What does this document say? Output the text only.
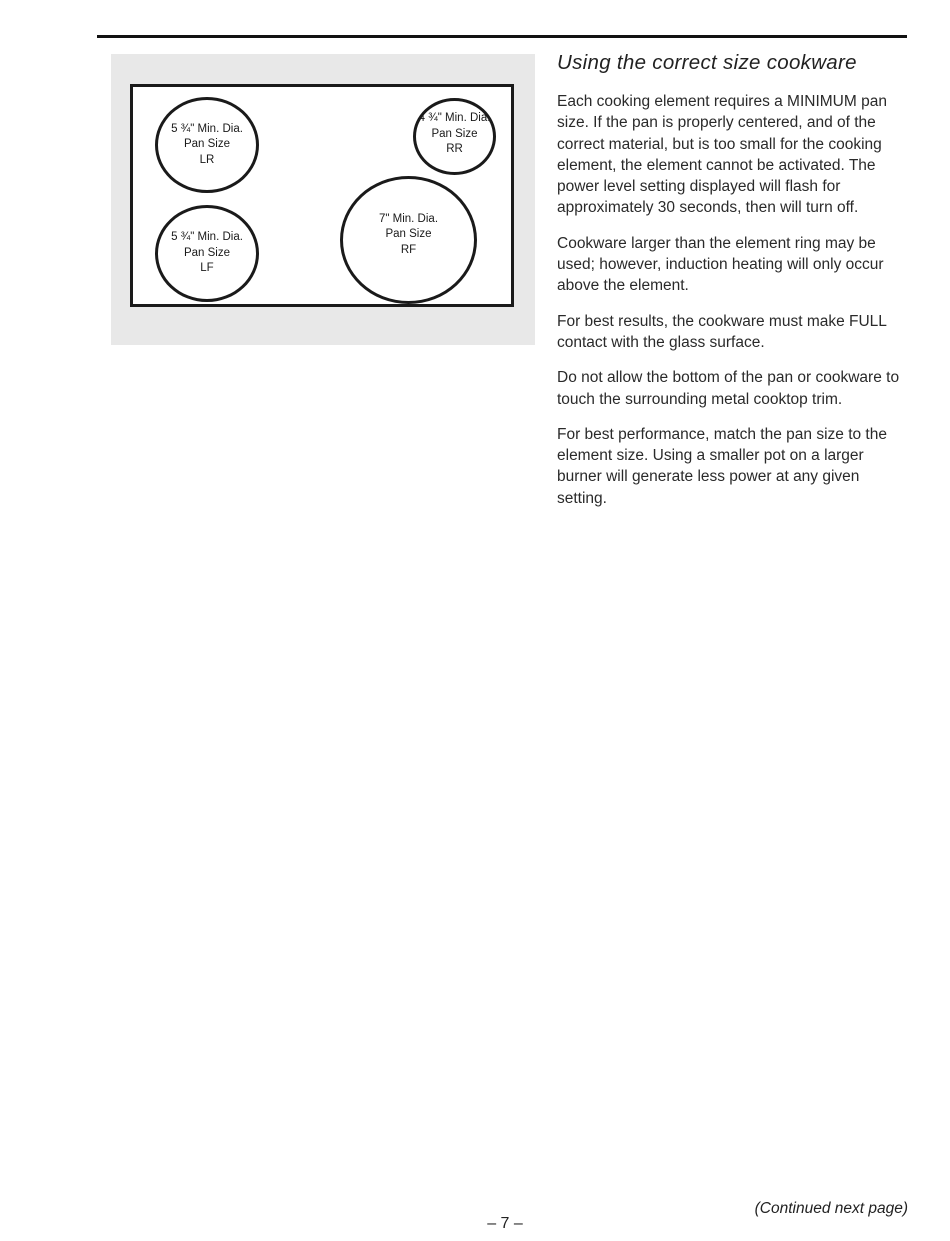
5 ¾" Min. Dia.
Pan Size
LR
4 ¾" Min. Dia.
Pan Size
RR
5 ¾" Min. Dia.
Pan Size
LF
7" Min. Dia.
Pan Size
RF
Using the correct size cookware

Each cooking element requires a MINIMUM pan size. If the pan is properly centered, and of the correct material, but is too small for the cooking element, the element cannot be activated. The power level setting displayed will flash for approximately 30 seconds, then will turn off.

Cookware larger than the element ring may be used; however, induction heating will only occur above the element.

For best results, the cookware must make FULL contact with the glass surface.

Do not allow the bottom of the pan or cookware to touch the surrounding metal cooktop trim.

For best performance, match the pan size to the element size. Using a smaller pot on a larger burner will generate less power at any given setting.

(Continued next page)
– 7 –
